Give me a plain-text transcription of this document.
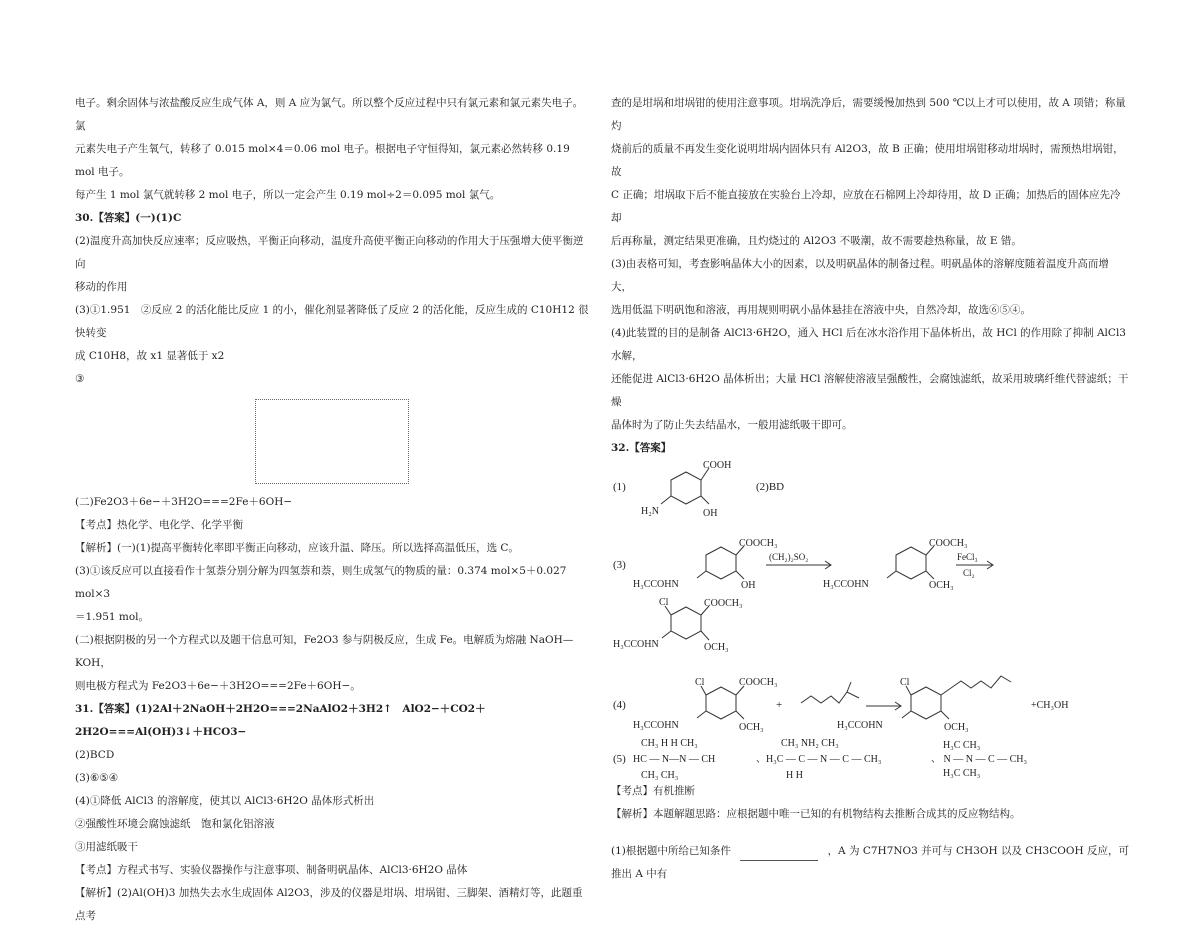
电子。剩余固体与浓盐酸反应生成气体 A，则 A 应为氯气。所以整个反应过程中只有氯元素和氯元素失电子。氯

元素失电子产生氧气，转移了 0.015 mol×4＝0.06 mol 电子。根据电子守恒得知，氯元素必然转移 0.19 mol 电子。

每产生 1 mol 氯气就转移 2 mol 电子，所以一定会产生 0.19 mol÷2＝0.095 mol 氯气。

30.【答案】(一)(1)C

(2)温度升高加快反应速率；反应吸热，平衡正向移动，温度升高使平衡正向移动的作用大于压强增大使平衡逆向

移动的作用

(3)①1.951　②反应 2 的活化能比反应 1 的小，催化剂显著降低了反应 2 的活化能，反应生成的 C10H12 很快转变

成 C10H8，故 x1 显著低于 x2

③

(二)Fe2O3＋6e−＋3H2O===2Fe＋6OH−

【考点】热化学、电化学、化学平衡

【解析】(一)(1)提高平衡转化率即平衡正向移动，应该升温、降压。所以选择高温低压，选 C。

(3)①该反应可以直接看作十氢萘分别分解为四氢萘和萘，则生成氢气的物质的量：0.374 mol×5＋0.027 mol×3

＝1.951 mol。

(二)根据阴极的另一个方程式以及题干信息可知，Fe2O3 参与阴极反应，生成 Fe。电解质为熔融 NaOH—KOH，

则电极方程式为 Fe2O3＋6e−＋3H2O===2Fe＋6OH−。

31.【答案】(1)2Al＋2NaOH＋2H2O===2NaAlO2＋3H2↑　AlO2−＋CO2＋2H2O===Al(OH)3↓＋HCO3−

(2)BCD

(3)⑥⑤④

(4)①降低 AlCl3 的溶解度，使其以 AlCl3·6H2O 晶体形式析出

②强酸性环境会腐蚀滤纸　饱和氯化铝溶液

③用滤纸吸干

【考点】方程式书写、实验仪器操作与注意事项、制备明矾晶体、AlCl3·6H2O 晶体

【解析】(2)Al(OH)3 加热失去水生成固体 Al2O3，涉及的仪器是坩埚、坩埚钳、三脚架、酒精灯等，此题重点考

查的是坩埚和坩埚钳的使用注意事项。坩埚洗净后，需要缓慢加热到 500 ℃以上才可以使用，故 A 项错；称量灼

烧前后的质量不再发生变化说明坩埚内固体只有 Al2O3，故 B 正确；使用坩埚钳移动坩埚时，需预热坩埚钳，故

C 正确；坩埚取下后不能直接放在实验台上冷却，应放在石棉网上冷却待用，故 D 正确；加热后的固体应先冷却

后再称量，测定结果更准确，且灼烧过的 Al2O3 不吸潮，故不需要趁热称量，故 E 错。

(3)由表格可知，考查影响晶体大小的因素，以及明矾晶体的制备过程。明矾晶体的溶解度随着温度升高而增大，

选用低温下明矾饱和溶液，再用规则明矾小晶体悬挂在溶液中央，自然冷却，故选⑥⑤④。

(4)此装置的目的是制备 AlCl3·6H2O，通入 HCl 后在冰水浴作用下晶体析出，故 HCl 的作用除了抑制 AlCl3 水解，

还能促进 AlCl3·6H2O 晶体析出；大量 HCl 溶解使溶液呈强酸性，会腐蚀滤纸，故采用玻璃纤维代替滤纸；干燥

晶体时为了防止失去结晶水，一般用滤纸吸干即可。

32.【答案】

(1)
COOH
H₂N	OH
(2)BD
(3)
COOCH₃
H₃CCOHN	OH
(CH₂)₂SO₂
COOCH₃
H₃CCOHN	OCH₃
FeCl₃
Cl₂
Cl	COOCH₃
H₃CCOHN	OCH₃
(4)
Cl	COOCH₃
H₃CCOHN	OCH₃
+
Cl
H₃CCOHN	OCH₃
+CH₃OH
(5)
CH₃ H H CH₃
HC — N—N — CH
CH₃ CH₃
、H₃C — C — N — C — CH₃
CH₃ NH₂ CH₃
H H
、 N — N — C — CH₃
H₃C CH₃
H₃C CH₃

【考点】有机推断

【解析】本题解题思路：应根据题中唯一已知的有机物结构去推断合成其的反应物结构。

(1)根据题中所给已知条件	，A 为 C7H7NO3 并可与 CH3OH 以及 CH3COOH 反应，可推出 A 中有
